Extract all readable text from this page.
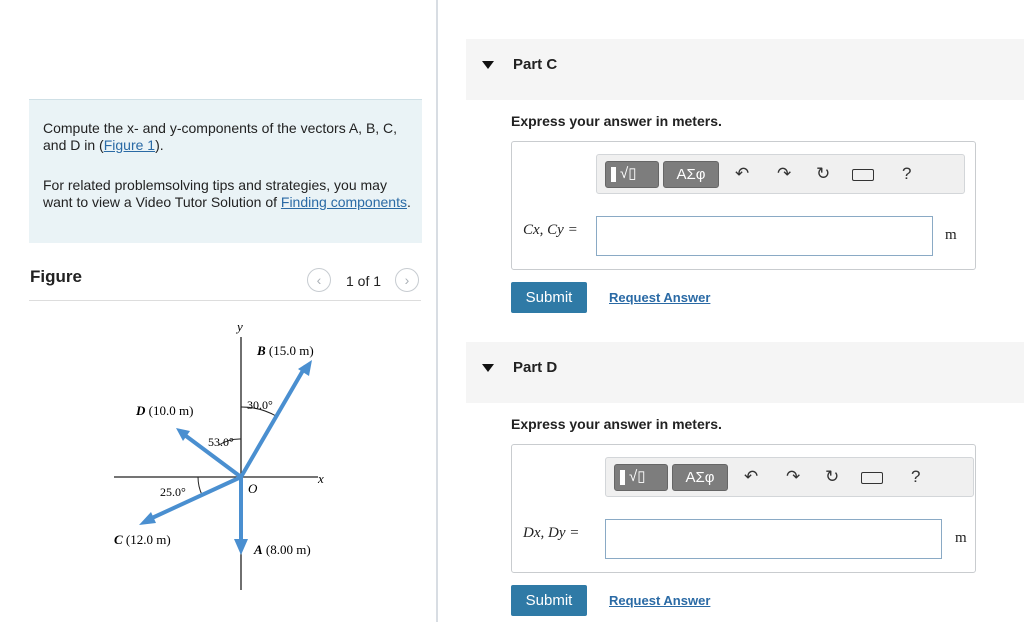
Compute the x- and y-components of the vectors A, B, C, and D in (Figure 1).

For related problemsolving tips and strategies, you may want to view a Video Tutor Solution of Finding components.

Figure	‹	1 of 1	›
y
x
O
B (15.0 m)
30.0°
D (10.0 m)
53.0°
25.0°
C (12.0 m)
A (8.00 m)
Part C
Express your answer in meters.
√▯	ΑΣφ	↶ ↷ ↻	?
Cx, Cy =	m
Submit	Request Answer
Part D
Express your answer in meters.
√▯	ΑΣφ	↶ ↷ ↻	?
Dx, Dy =	m
Submit	Request Answer
